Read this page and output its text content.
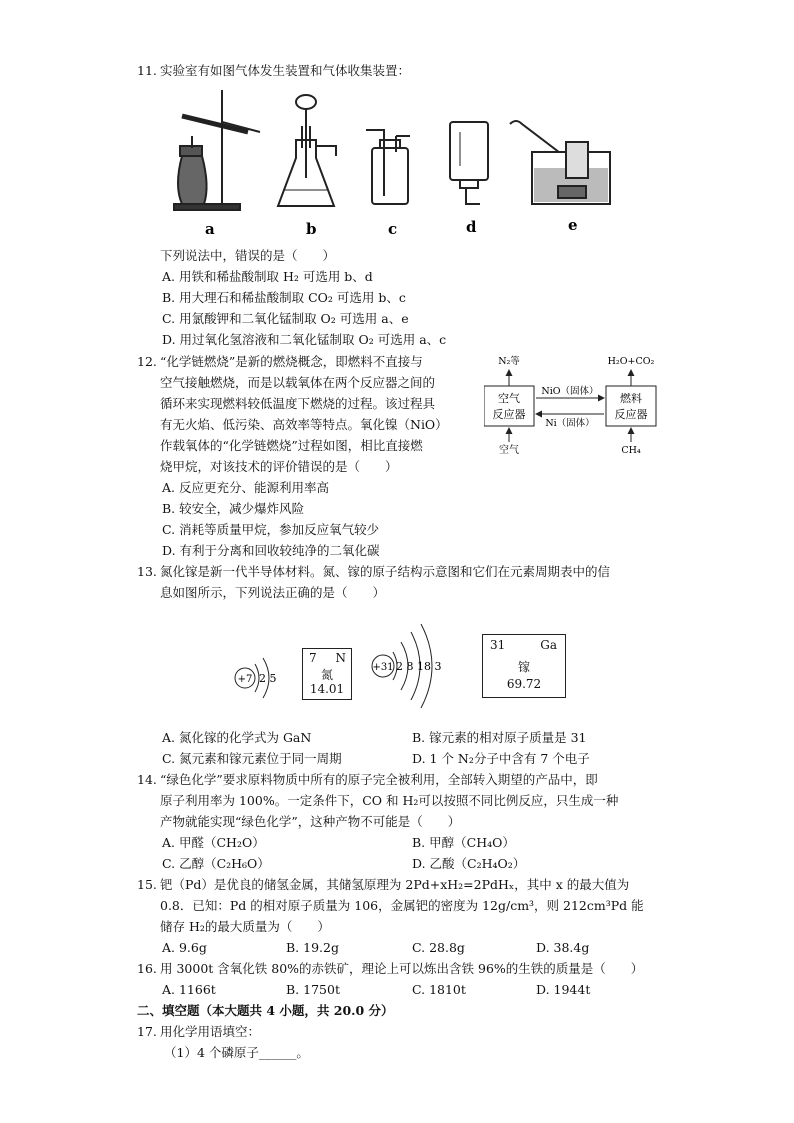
11. 实验室有如图气体发生装置和气体收集装置：
a	b	c	d	e
下列说法中，错误的是（　　）
A. 用铁和稀盐酸制取 H₂ 可选用 b、d
B. 用大理石和稀盐酸制取 CO₂ 可选用 b、c
C. 用氯酸钾和二氧化锰制取 O₂ 可选用 a、e
D. 用过氧化氢溶液和二氧化锰制取 O₂ 可选用 a、c
12. “化学链燃烧”是新的燃烧概念，即燃料不直接与
空气接触燃烧，而是以载氧体在两个反应器之间的
循环来实现燃料较低温度下燃烧的过程。该过程具
有无火焰、低污染、高效率等特点。氧化镍（NiO）
作载氧体的“化学链燃烧”过程如图，相比直接燃
烧甲烷，对该技术的评价错误的是（　　）
空气
反应器
燃料
反应器
N₂等	H₂O+CO₂
空气	CH₄
NiO（固体）
Ni（固体）
A. 反应更充分、能源利用率高
B. 较安全，减少爆炸风险
C. 消耗等质量甲烷，参加反应氧气较少
D. 有利于分离和回收较纯净的二氧化碳
13. 氮化镓是新一代半导体材料。氮、镓的原子结构示意图和它们在元素周期表中的信
息如图所示，下列说法正确的是（　　）
+7 2 5
+31 2 8 18 3
7 N
氮
14.01
31	Ga
镓
69.72
A. 氮化镓的化学式为 GaN	B. 镓元素的相对原子质量是 31
C. 氮元素和镓元素位于同一周期	D. 1 个 N₂分子中含有 7 个电子
14. “绿色化学”要求原料物质中所有的原子完全被利用，全部转入期望的产品中，即
原子利用率为 100%。一定条件下，CO 和 H₂可以按照不同比例反应，只生成一种
产物就能实现“绿色化学”，这种产物不可能是（　　）
A. 甲醛（CH₂O）	B. 甲醇（CH₄O）
C. 乙醇（C₂H₆O）	D. 乙酸（C₂H₄O₂）
15. 钯（Pd）是优良的储氢金属，其储氢原理为 2Pd+xH₂=2PdHₓ，其中 x 的最大值为
0.8．已知：Pd 的相对原子质量为 106，金属钯的密度为 12g/cm³，则 212cm³Pd 能
储存 H₂的最大质量为（　　）
A. 9.6g	B. 19.2g	C. 28.8g	D. 38.4g
16. 用 3000t 含氧化铁 80%的赤铁矿，理论上可以炼出含铁 96%的生铁的质量是（　　）
A. 1166t	B. 1750t	C. 1810t	D. 1944t
二、填空题（本大题共 4 小题，共 20.0 分）
17. 用化学用语填空：
（1）4 个磷原子______。
